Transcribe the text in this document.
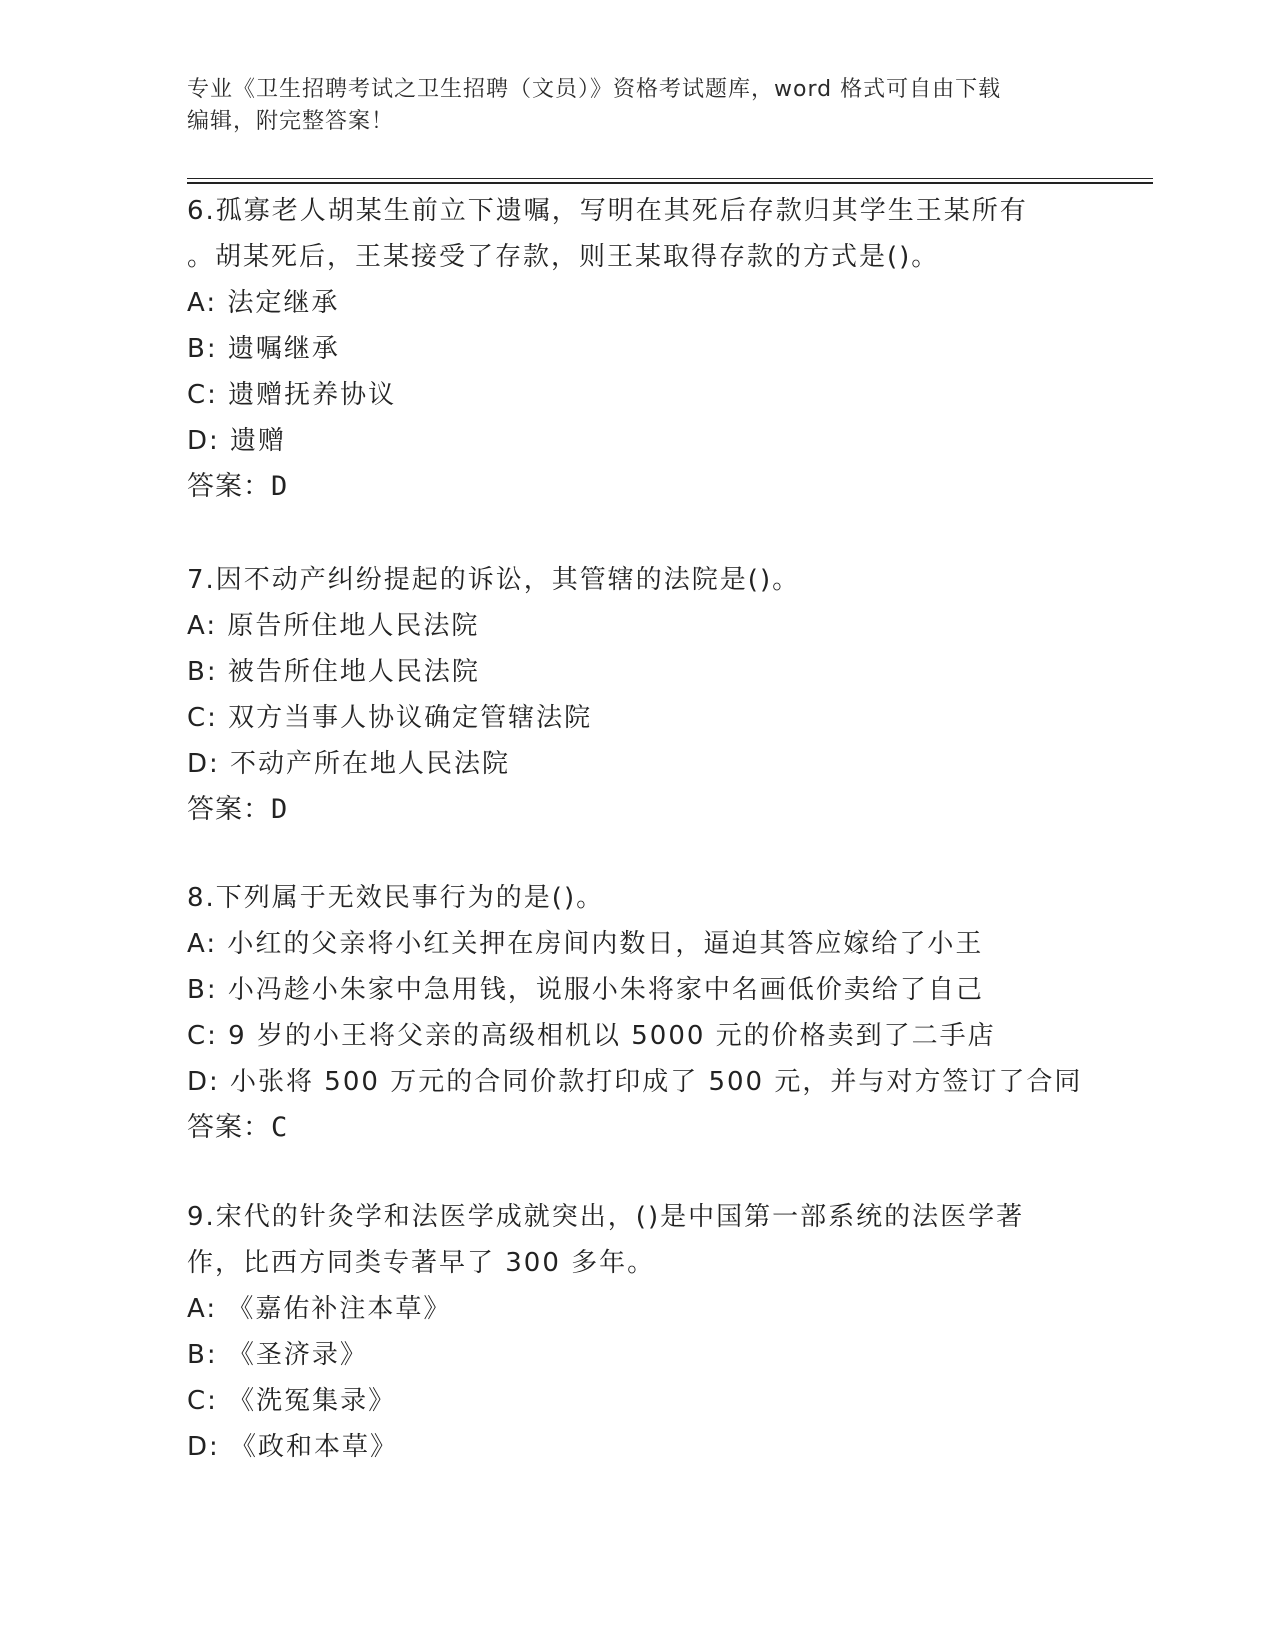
专业《卫生招聘考试之卫生招聘（文员）》资格考试题库，word 格式可自由下载
编辑，附完整答案！
6.孤寡老人胡某生前立下遗嘱，写明在其死后存款归其学生王某所有
。胡某死后，王某接受了存款，则王某取得存款的方式是()。
A: 法定继承
B: 遗嘱继承
C: 遗赠抚养协议
D: 遗赠
答案：D
7.因不动产纠纷提起的诉讼，其管辖的法院是()。
A: 原告所住地人民法院
B: 被告所住地人民法院
C: 双方当事人协议确定管辖法院
D: 不动产所在地人民法院
答案：D
8.下列属于无效民事行为的是()。
A: 小红的父亲将小红关押在房间内数日，逼迫其答应嫁给了小王
B: 小冯趁小朱家中急用钱，说服小朱将家中名画低价卖给了自己
C: 9 岁的小王将父亲的高级相机以 5000 元的价格卖到了二手店
D: 小张将 500 万元的合同价款打印成了 500 元，并与对方签订了合同
答案：C
9.宋代的针灸学和法医学成就突出，()是中国第一部系统的法医学著
作，比西方同类专著早了 300 多年。
A: 《嘉佑补注本草》
B: 《圣济录》
C: 《洗冤集录》
D: 《政和本草》
